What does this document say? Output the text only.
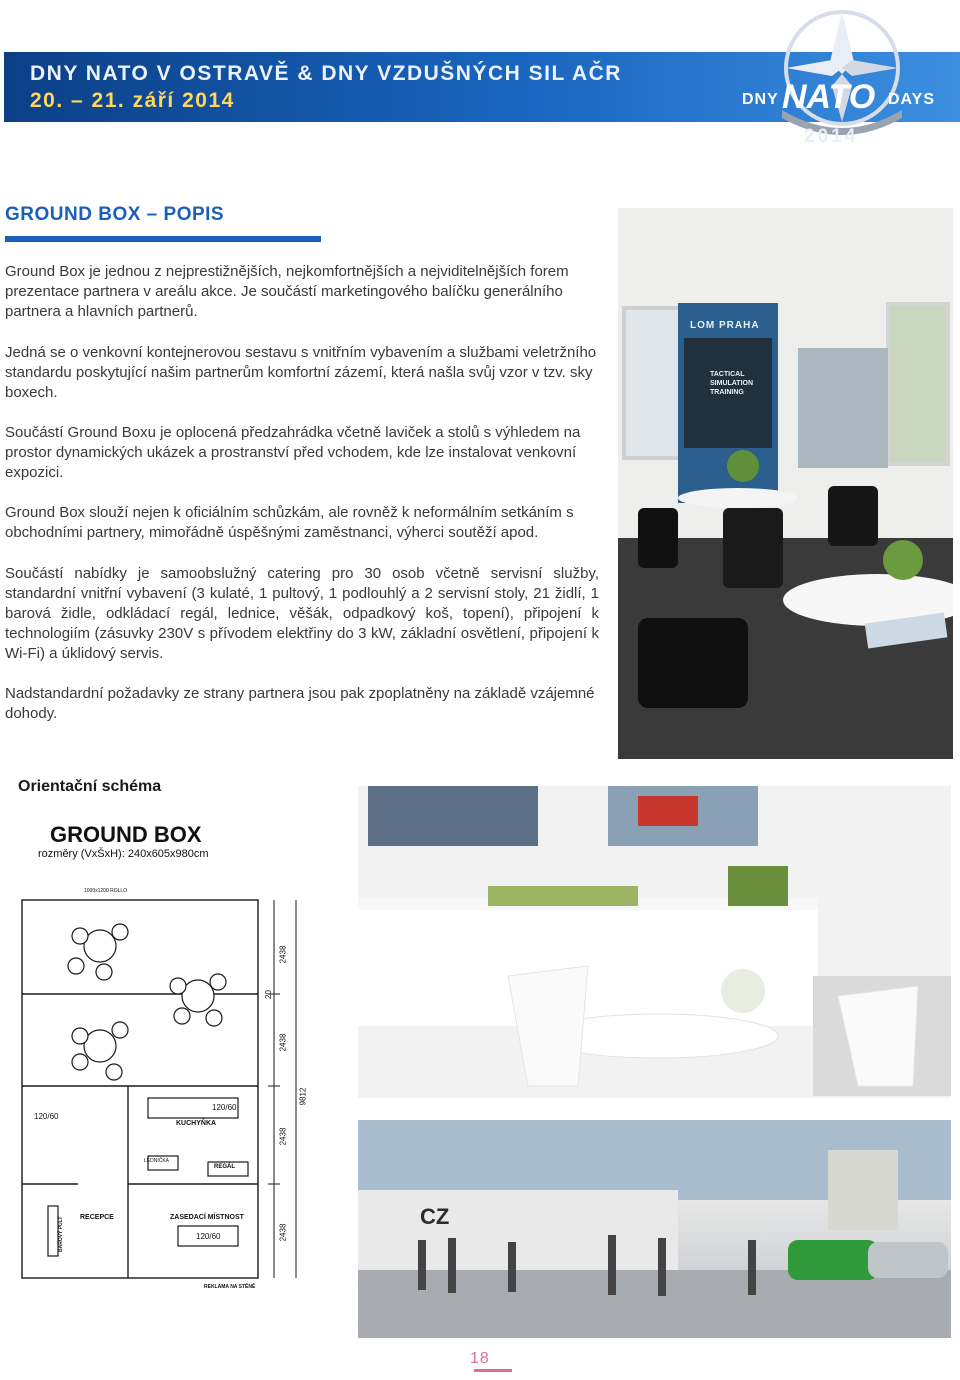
DNY NATO V OSTRAVĚ & DNY VZDUŠNÝCH SIL AČR
20. – 21. září 2014	DNY NATO DAYS
2014
GROUND BOX – POPIS
Ground Box je jednou z nejprestižnějších, nejkomfortnějších a nejviditelnějších forem prezentace partnera v areálu akce. Je součástí marketingového balíčku generálního partnera a hlavních partnerů.
Jedná se o venkovní kontejnerovou sestavu s vnitřním vybavením a službami veletržního standardu poskytující našim partnerům komfortní zázemí, která našla svůj vzor v tzv. sky boxech.
Součástí Ground Boxu je oplocená předzahrádka včetně laviček a stolů s výhledem na prostor dynamických ukázek a prostranství před vchodem, kde lze instalovat venkovní expozici.
Ground Box slouží nejen k oficiálním schůzkám, ale rovněž k neformálním setkáním s obchodními partnery, mimořádně úspěšnými zaměstnanci, výherci soutěží apod.
Součástí nabídky je samoobslužný catering pro 30 osob včetně servisní služby, standardní vnitřní vybavení (3 kulaté, 1 pultový, 1 podlouhlý a 2 servisní stoly, 21 židlí, 1 barová židle, odkládací regál, lednice, věšák, odpadkový koš, topení), připojení k technologiím (zásuvky 230V s přívodem elektřiny do 3 kW, základní osvětlení, připojení k Wi-Fi) a úklidový servis.
Nadstandardní požadavky ze strany partnera jsou pak zpoplatněny na základě vzájemné dohody.
LOM PRAHA
TACTICAL SIMULATION TRAINING
Orientační schéma
GROUND BOX
rozměry (VxŠxH): 240x605x980cm
KUCHYŇKA
120/60
120/60
120/60
RECEPCE	ZASEDACÍ MÍSTNOST
REGÁL
LEDNIČKA
REKLAMA NA STĚNĚ
BAROVÝ PULT
1000x1200 ROLLO
2438
2438
2438
2438
9812
20
CZ
18
